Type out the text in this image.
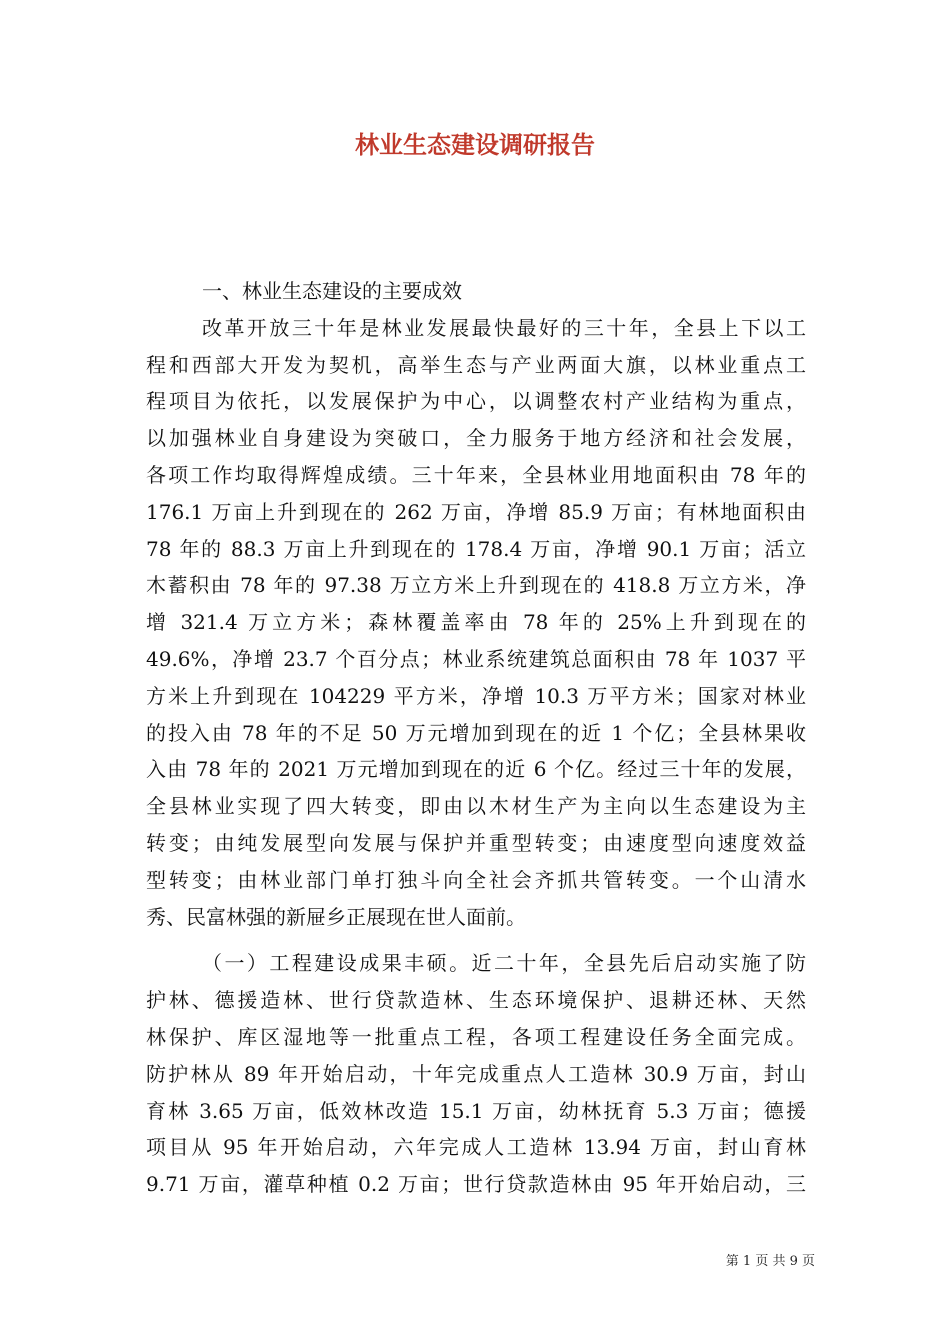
林业生态建设调研报告
一、林业生态建设的主要成效
改革开放三十年是林业发展最快最好的三十年，全县上下以工
程和西部大开发为契机，高举生态与产业两面大旗，以林业重点工
程项目为依托，以发展保护为中心，以调整农村产业结构为重点，
以加强林业自身建设为突破口，全力服务于地方经济和社会发展，
各项工作均取得辉煌成绩。三十年来，全县林业用地面积由 78 年的
176.1 万亩上升到现在的 262 万亩，净增 85.9 万亩；有林地面积由
78 年的 88.3 万亩上升到现在的 178.4 万亩，净增 90.1 万亩；活立
木蓄积由 78 年的 97.38 万立方米上升到现在的 418.8 万立方米，净
增 321.4 万立方米；森林覆盖率由 78 年的 25%上升到现在的
49.6%，净增 23.7 个百分点；林业系统建筑总面积由 78 年 1037 平
方米上升到现在 104229 平方米，净增 10.3 万平方米；国家对林业
的投入由 78 年的不足 50 万元增加到现在的近 1 个亿；全县林果收
入由 78 年的 2021 万元增加到现在的近 6 个亿。经过三十年的发展，
全县林业实现了四大转变，即由以木材生产为主向以生态建设为主
转变；由纯发展型向发展与保护并重型转变；由速度型向速度效益
型转变；由林业部门单打独斗向全社会齐抓共管转变。一个山清水
秀、民富林强的新屉乡正展现在世人面前。
（一）工程建设成果丰硕。近二十年，全县先后启动实施了防
护林、德援造林、世行贷款造林、生态环境保护、退耕还林、天然
林保护、库区湿地等一批重点工程，各项工程建设任务全面完成。
防护林从 89 年开始启动，十年完成重点人工造林 30.9 万亩，封山
育林 3.65 万亩，低效林改造 15.1 万亩，幼林抚育 5.3 万亩；德援
项目从 95 年开始启动，六年完成人工造林 13.94 万亩，封山育林
9.71 万亩，灌草种植 0.2 万亩；世行贷款造林由 95 年开始启动，三
第 1 页 共 9 页
